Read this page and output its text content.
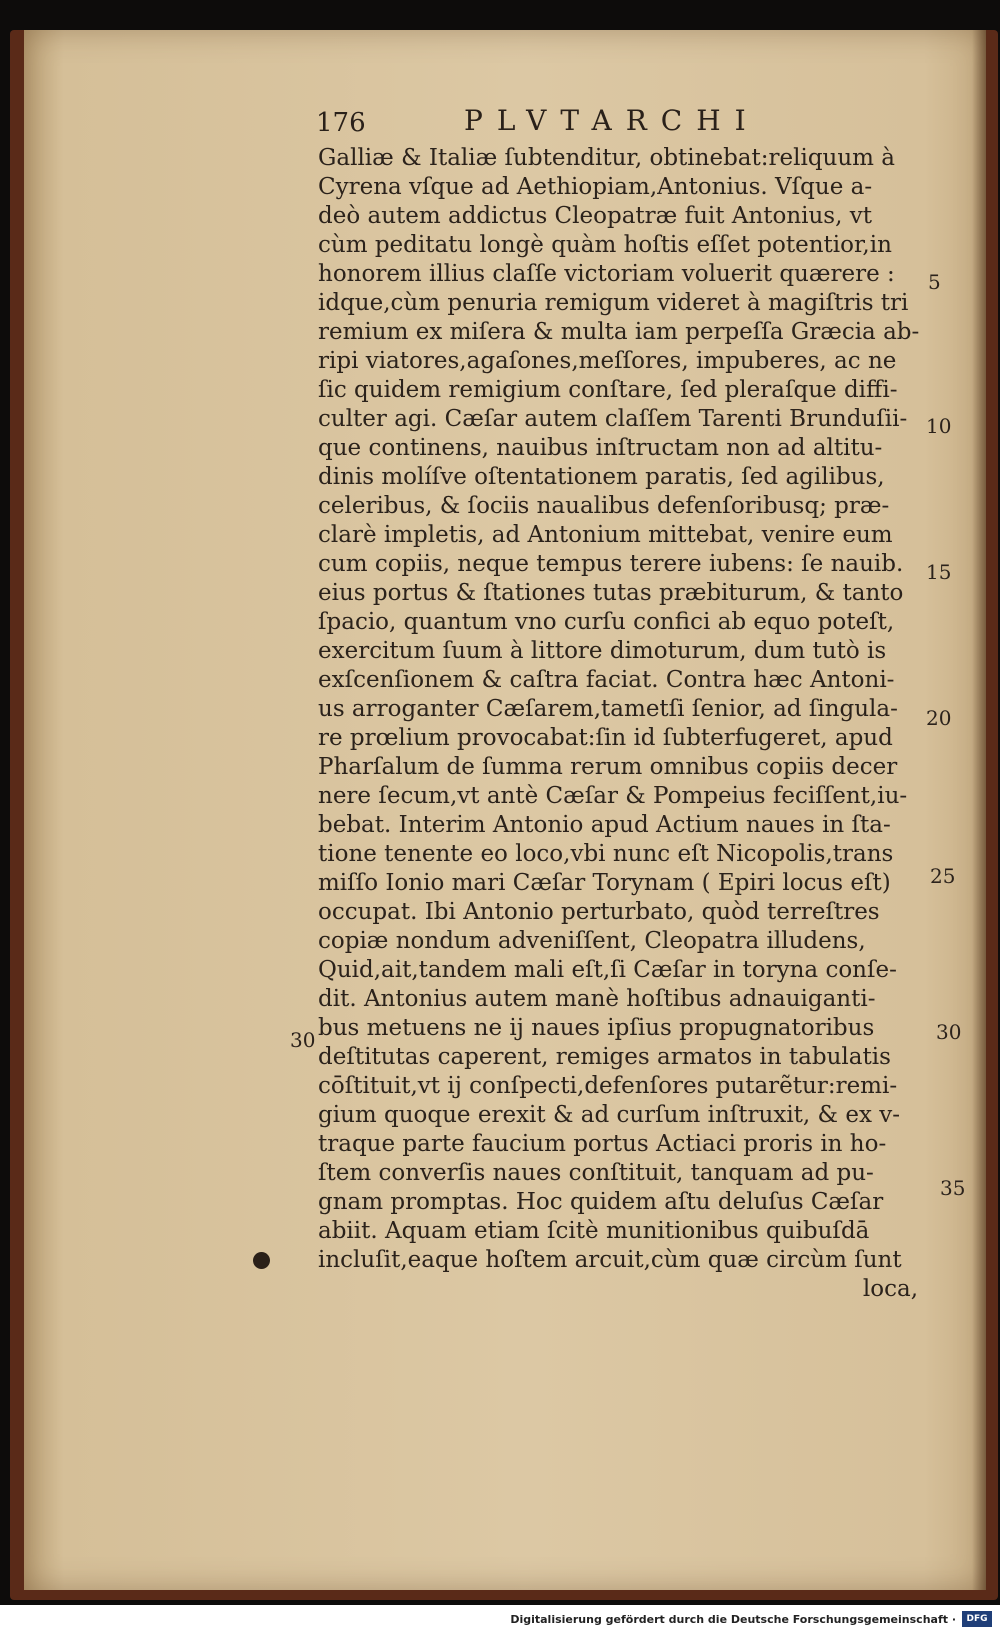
176	PLVTARCHI
Galliæ & Italiæ ſubtenditur, obtinebat:reliquum à
Cyrena vſque ad Aethiopiam,Antonius. Vſque a-
deò autem addictus Cleopatræ fuit Antonius, vt
cùm peditatu longè quàm hoſtis eſſet potentior,in
honorem illius claſſe victoriam voluerit quærere :
idque,cùm penuria remigum videret à magiſtris tri
remium ex miſera & multa iam perpeſſa Græcia ab-
ripi viatores,agaſones,meſſores, impuberes, ac ne
ſic quidem remigium conſtare, ſed pleraſque diffi-
culter agi. Cæſar autem claſſem Tarenti Brunduſii-
que continens, nauibus inſtructam non ad altitu-
dinis molíſve oſtentationem paratis, ſed agilibus,
celeribus, & ſociis naualibus defenſoribusq; præ-
clarè impletis, ad Antonium mittebat, venire eum
cum copiis, neque tempus terere iubens: ſe nauib.
eius portus & ſtationes tutas præbiturum, & tanto
ſpacio, quantum vno curſu confici ab equo poteſt,
exercitum ſuum à littore dimoturum, dum tutò is
exſcenſionem & caſtra faciat. Contra hæc Antoni-
us arroganter Cæſarem,tametſi ſenior, ad ſingula-
re prœlium provocabat:ſin id ſubterfugeret, apud
Pharſalum de ſumma rerum omnibus copiis decer
nere ſecum,vt antè Cæſar & Pompeius feciſſent,iu-
bebat. Interim Antonio apud Actium naues in ſta-
tione tenente eo loco,vbi nunc eſt Nicopolis,trans
miſſo Ionio mari Cæſar Torynam ( Epiri locus eſt)
occupat. Ibi Antonio perturbato, quòd terreſtres
copiæ nondum adveniſſent, Cleopatra illudens,
Quid,ait,tandem mali eſt,ſi Cæſar in toryna conſe-
dit. Antonius autem manè hoſtibus adnauiganti-
bus metuens ne ij naues ipſius propugnatoribus
deſtitutas caperent, remiges armatos in tabulatis
cōſtituit,vt ij conſpecti,defenſores putarẽtur:remi-
gium quoque erexit & ad curſum inſtruxit, & ex v-
traque parte faucium portus Actiaci proris in ho-
ſtem converſis naues conſtituit, tanquam ad pu-
gnam promptas. Hoc quidem aſtu deluſus Cæſar
abiit. Aquam etiam ſcitè munitionibus quibuſdā
incluſit,eaque hoſtem arcuit,cùm quæ circùm ſunt
loca,
5
10
15
20
25
30	30
35
Digitalisierung gefördert durch die Deutsche Forschungsgemeinschaft ·	DFG
